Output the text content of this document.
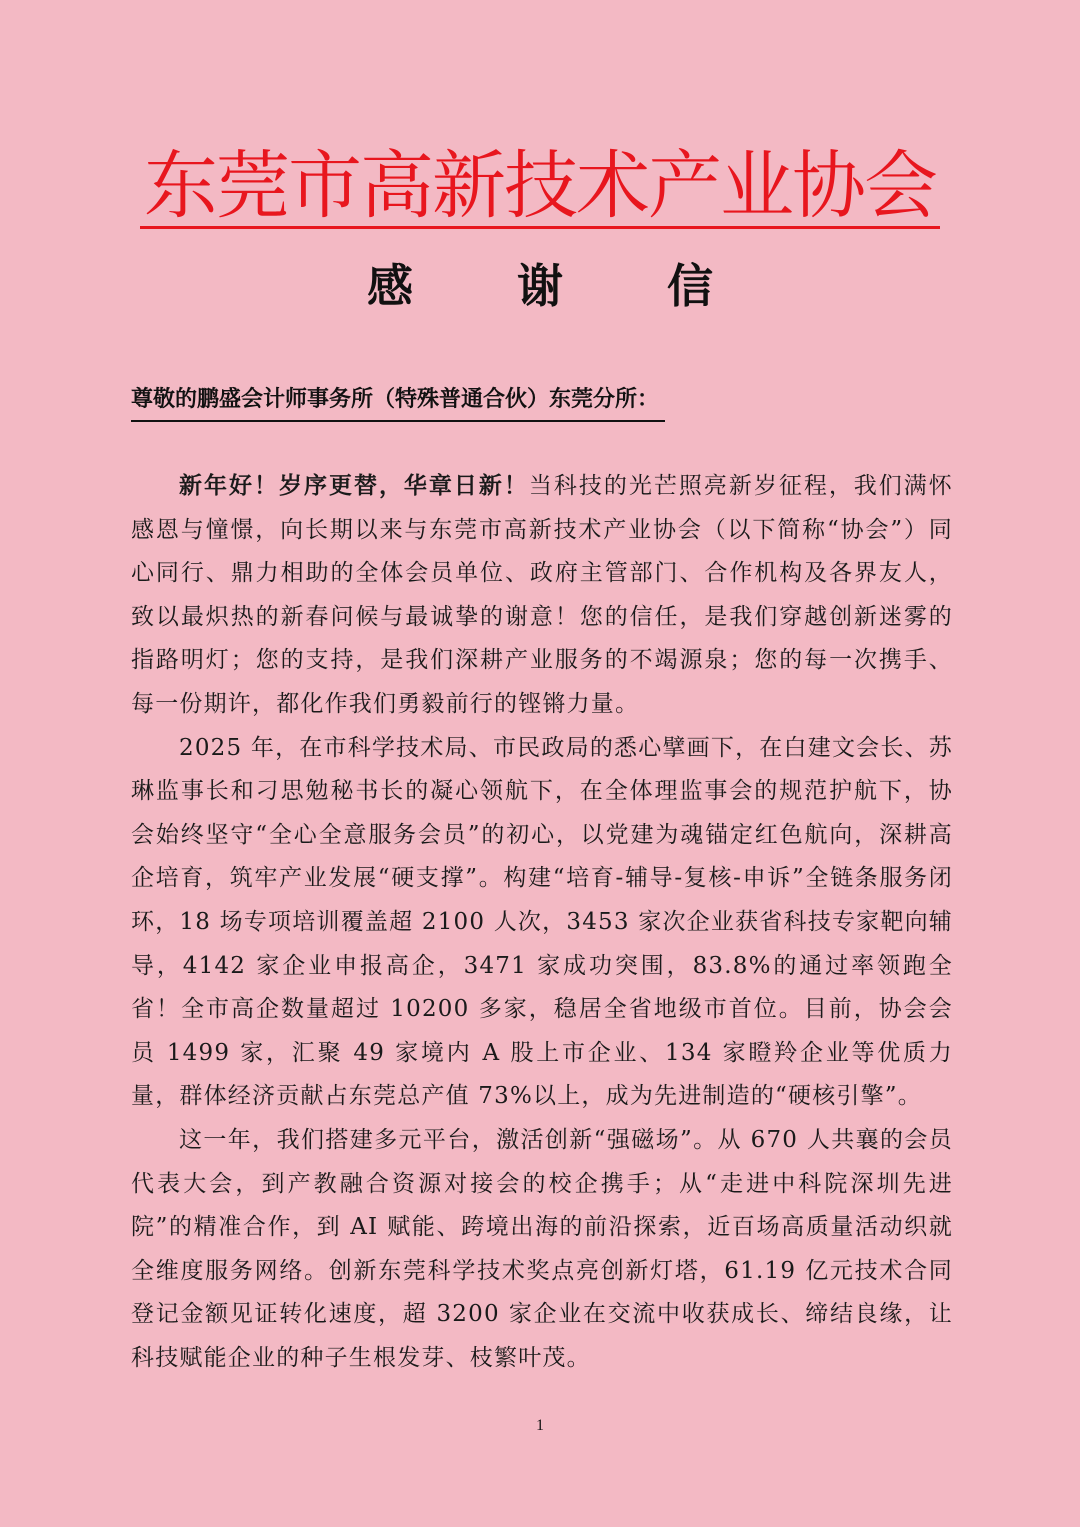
东莞市高新技术产业协会
感 谢 信
尊敬的鹏盛会计师事务所（特殊普通合伙）东莞分所：

新年好！岁序更替，华章日新！当科技的光芒照亮新岁征程，我们满怀感恩与憧憬，向长期以来与东莞市高新技术产业协会（以下简称“协会”）同心同行、鼎力相助的全体会员单位、政府主管部门、合作机构及各界友人，致以最炽热的新春问候与最诚挚的谢意！您的信任，是我们穿越创新迷雾的指路明灯；您的支持，是我们深耕产业服务的不竭源泉；您的每一次携手、每一份期许，都化作我们勇毅前行的铿锵力量。

2025 年，在市科学技术局、市民政局的悉心擘画下，在白建文会长、苏琳监事长和刁思勉秘书长的凝心领航下，在全体理监事会的规范护航下，协会始终坚守“全心全意服务会员”的初心，以党建为魂锚定红色航向，深耕高企培育，筑牢产业发展“硬支撑”。构建“培育-辅导-复核-申诉”全链条服务闭环，18 场专项培训覆盖超 2100 人次，3453 家次企业获省科技专家靶向辅导，4142 家企业申报高企，3471 家成功突围，83.8%的通过率领跑全省！全市高企数量超过 10200 多家，稳居全省地级市首位。目前，协会会员 1499 家，汇聚 49 家境内 A 股上市企业、134 家瞪羚企业等优质力量，群体经济贡献占东莞总产值 73%以上，成为先进制造的“硬核引擎”。

这一年，我们搭建多元平台，激活创新“强磁场”。从 670 人共襄的会员代表大会，到产教融合资源对接会的校企携手；从“走进中科院深圳先进院”的精准合作，到 AI 赋能、跨境出海的前沿探索，近百场高质量活动织就全维度服务网络。创新东莞科学技术奖点亮创新灯塔，61.19 亿元技术合同登记金额见证转化速度，超 3200 家企业在交流中收获成长、缔结良缘，让科技赋能企业的种子生根发芽、枝繁叶茂。

1
